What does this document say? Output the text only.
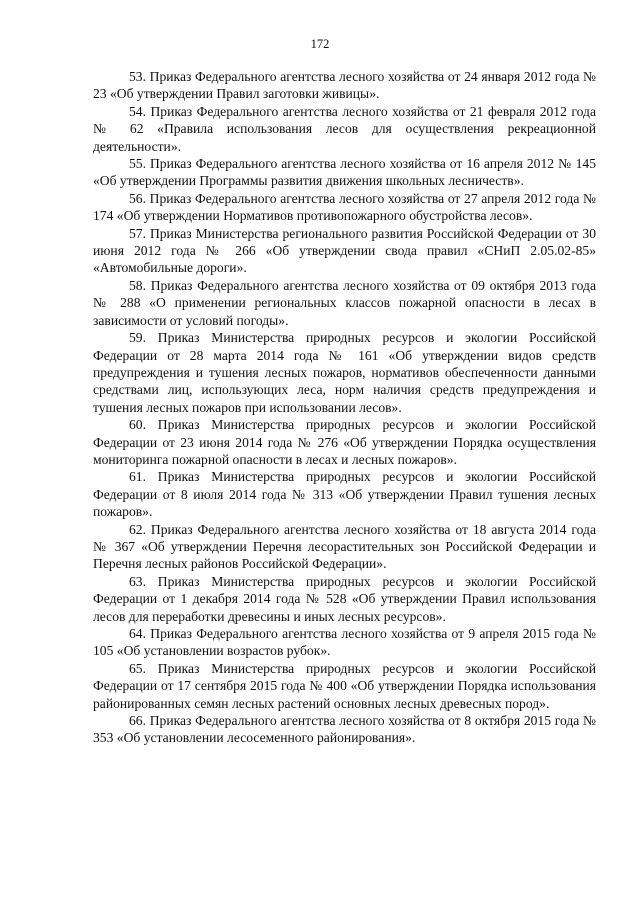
172

53. Приказ Федерального агентства лесного хозяйства от 24 января 2012 года № 23 «Об утверждении Правил заготовки живицы».

54. Приказ Федерального агентства лесного хозяйства от 21 февраля 2012 года № 62 «Правила использования лесов для осуществления рекреационной деятельности».

55. Приказ Федерального агентства лесного хозяйства от 16 апреля 2012 № 145 «Об утверждении Программы развития движения школьных лесничеств».

56. Приказ Федерального агентства лесного хозяйства от 27 апреля 2012 года № 174 «Об утверждении Нормативов противопожарного обустройства лесов».

57. Приказ Министерства регионального развития Российской Федерации от 30 июня 2012 года № 266 «Об утверждении свода правил «СНиП 2.05.02-85» «Автомобильные дороги».

58. Приказ Федерального агентства лесного хозяйства от 09 октября 2013 года № 288 «О применении региональных классов пожарной опасности в лесах в зависимости от условий погоды».

59. Приказ Министерства природных ресурсов и экологии Российской Федерации от 28 марта 2014 года № 161 «Об утверждении видов средств предупреждения и тушения лесных пожаров, нормативов обеспеченности данными средствами лиц, использующих леса, норм наличия средств предупреждения и тушения лесных пожаров при использовании лесов».

60. Приказ Министерства природных ресурсов и экологии Российской Федерации от 23 июня 2014 года № 276 «Об утверждении Порядка осуществления мониторинга пожарной опасности в лесах и лесных пожаров».

61. Приказ Министерства природных ресурсов и экологии Российской Федерации от 8 июля 2014 года № 313 «Об утверждении Правил тушения лесных пожаров».

62. Приказ Федерального агентства лесного хозяйства от 18 августа 2014 года № 367 «Об утверждении Перечня лесорастительных зон Российской Федерации и Перечня лесных районов Российской Федерации».

63. Приказ Министерства природных ресурсов и экологии Российской Федерации от 1 декабря 2014 года № 528 «Об утверждении Правил использования лесов для переработки древесины и иных лесных ресурсов».

64. Приказ Федерального агентства лесного хозяйства от 9 апреля 2015 года № 105 «Об установлении возрастов рубок».

65. Приказ Министерства природных ресурсов и экологии Российской Федерации от 17 сентября 2015 года № 400 «Об утверждении Порядка использования районированных семян лесных растений основных лесных древесных пород».

66. Приказ Федерального агентства лесного хозяйства от 8 октября 2015 года № 353 «Об установлении лесосеменного районирования».
